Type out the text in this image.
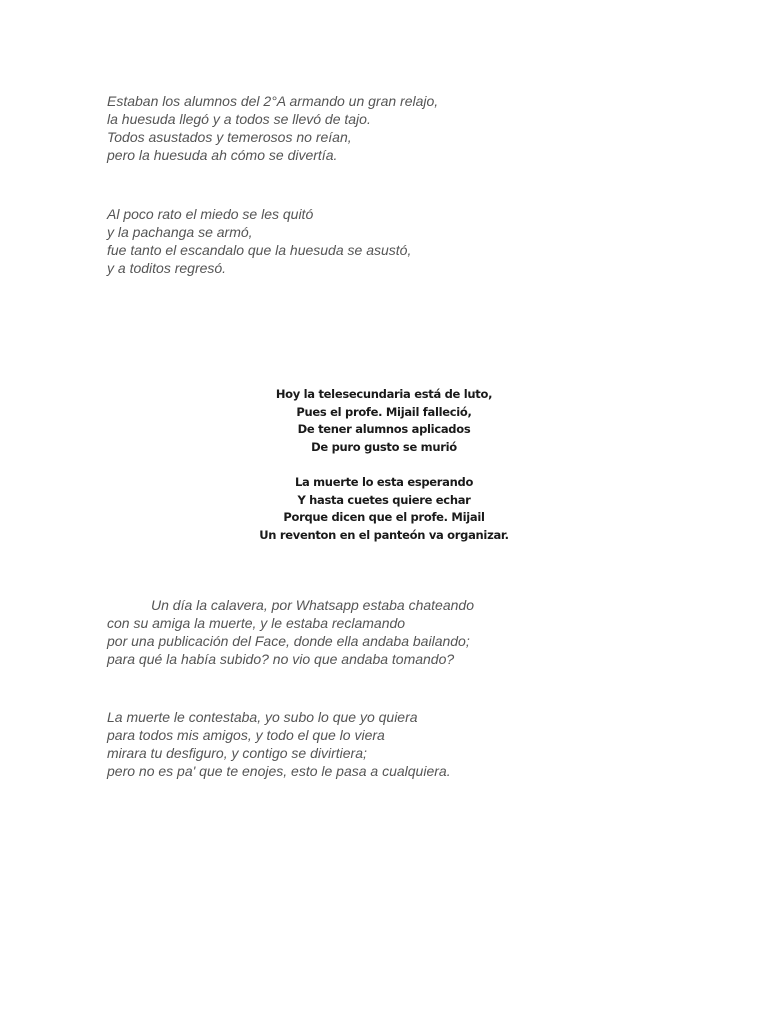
Estaban los alumnos del 2°A armando un gran relajo,
la huesuda llegó y a todos se llevó de tajo.
Todos asustados y temerosos no reían,
pero la huesuda ah cómo se divertía.
Al poco rato el miedo se les quitó
y la pachanga se armó,
fue tanto el escandalo que la huesuda se asustó,
y a toditos regresó.
Hoy la telesecundaria está de luto,
Pues el profe. Mijail falleció,
De tener alumnos aplicados
De puro gusto se murió
La muerte lo esta esperando
Y hasta cuetes quiere echar
Porque dicen que el profe. Mijail
Un reventon en el panteón va organizar.
Un día la calavera, por Whatsapp estaba chateando
con su amiga la muerte, y le estaba reclamando
por una publicación del Face, donde ella andaba bailando;
para qué la había subido? no vio que andaba tomando?
La muerte le contestaba, yo subo lo que yo quiera
para todos mis amigos, y todo el que lo viera
mirara tu desfiguro, y contigo se divirtiera;
pero no es pa' que te enojes, esto le pasa a cualquiera.
